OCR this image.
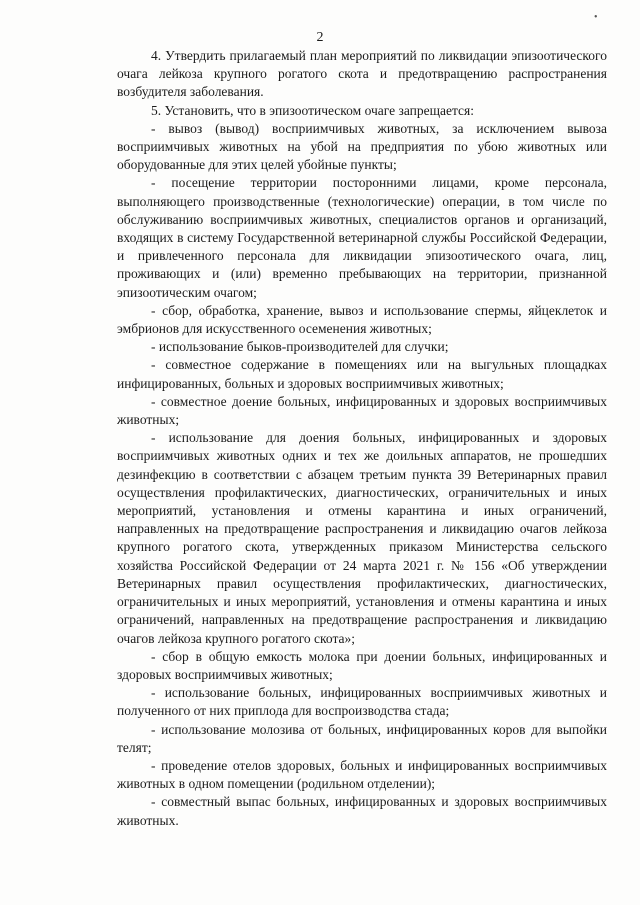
•
2

4. Утвердить прилагаемый план мероприятий по ликвидации эпизоотического очага лейкоза крупного рогатого скота и предотвращению распространения возбудителя заболевания.

5. Установить, что в эпизоотическом очаге запрещается:

- вывоз (вывод) восприимчивых животных, за исключением вывоза восприимчивых животных на убой на предприятия по убою животных или оборудованные для этих целей убойные пункты;

- посещение территории посторонними лицами, кроме персонала, выполняющего производственные (технологические) операции, в том числе по обслуживанию восприимчивых животных, специалистов органов и организаций, входящих в систему Государственной ветеринарной службы Российской Федерации, и привлеченного персонала для ликвидации эпизоотического очага, лиц, проживающих и (или) временно пребывающих на территории, признанной эпизоотическим очагом;

- сбор, обработка, хранение, вывоз и использование спермы, яйцеклеток и эмбрионов для искусственного осеменения животных;

- использование быков-производителей для случки;

- совместное содержание в помещениях или на выгульных площадках инфицированных, больных и здоровых восприимчивых животных;

- совместное доение больных, инфицированных и здоровых восприимчивых животных;

- использование для доения больных, инфицированных и здоровых восприимчивых животных одних и тех же доильных аппаратов, не прошедших дезинфекцию в соответствии с абзацем третьим пункта 39 Ветеринарных правил осуществления профилактических, диагностических, ограничительных и иных мероприятий, установления и отмены карантина и иных ограничений, направленных на предотвращение распространения и ликвидацию очагов лейкоза крупного рогатого скота, утвержденных приказом Министерства сельского хозяйства Российской Федерации от 24 марта 2021 г. № 156 «Об утверждении Ветеринарных правил осуществления профилактических, диагностических, ограничительных и иных мероприятий, установления и отмены карантина и иных ограничений, направленных на предотвращение распространения и ликвидацию очагов лейкоза крупного рогатого скота»;

- сбор в общую емкость молока при доении больных, инфицированных и здоровых восприимчивых животных;

- использование больных, инфицированных восприимчивых животных и полученного от них приплода для воспроизводства стада;

- использование молозива от больных, инфицированных коров для выпойки телят;

- проведение отелов здоровых, больных и инфицированных восприимчивых животных в одном помещении (родильном отделении);

- совместный выпас больных, инфицированных и здоровых восприимчивых животных.
